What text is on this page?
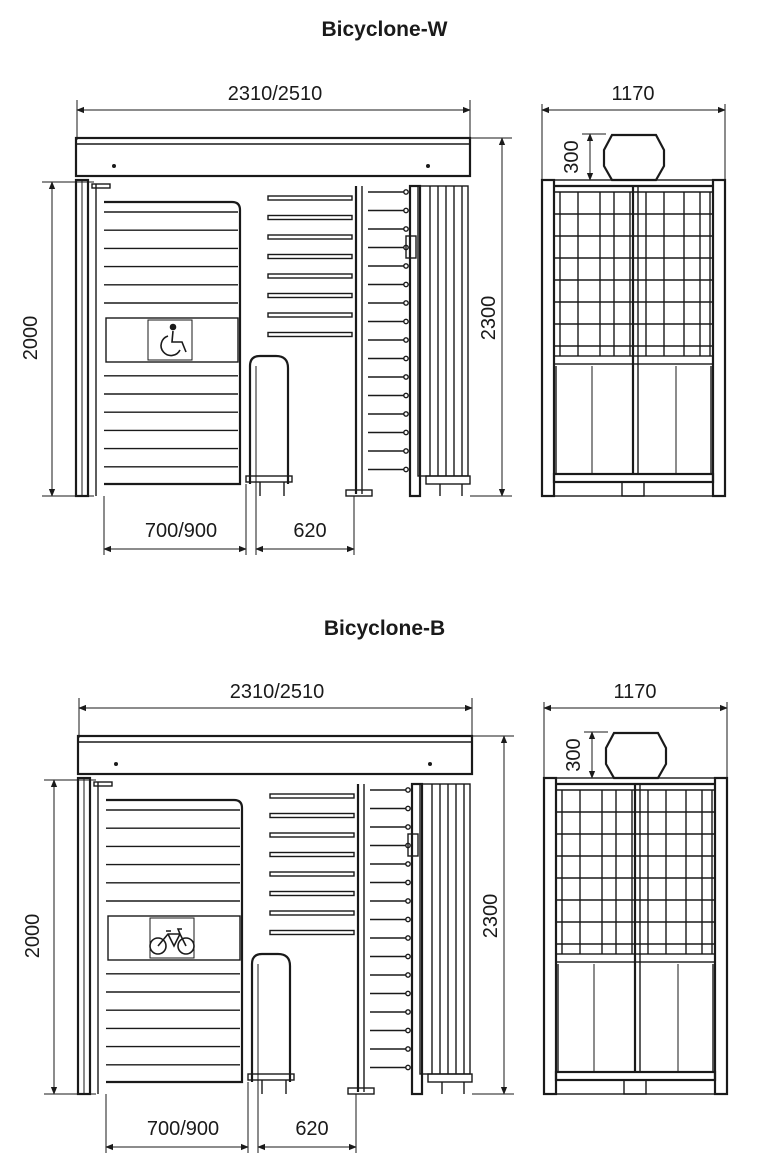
Bicyclone-W
Bicyclone-B
2310/2510
2000	2300
700/900	620
1170
300
2310/2510
2000	2300
700/900	620
1170
300
